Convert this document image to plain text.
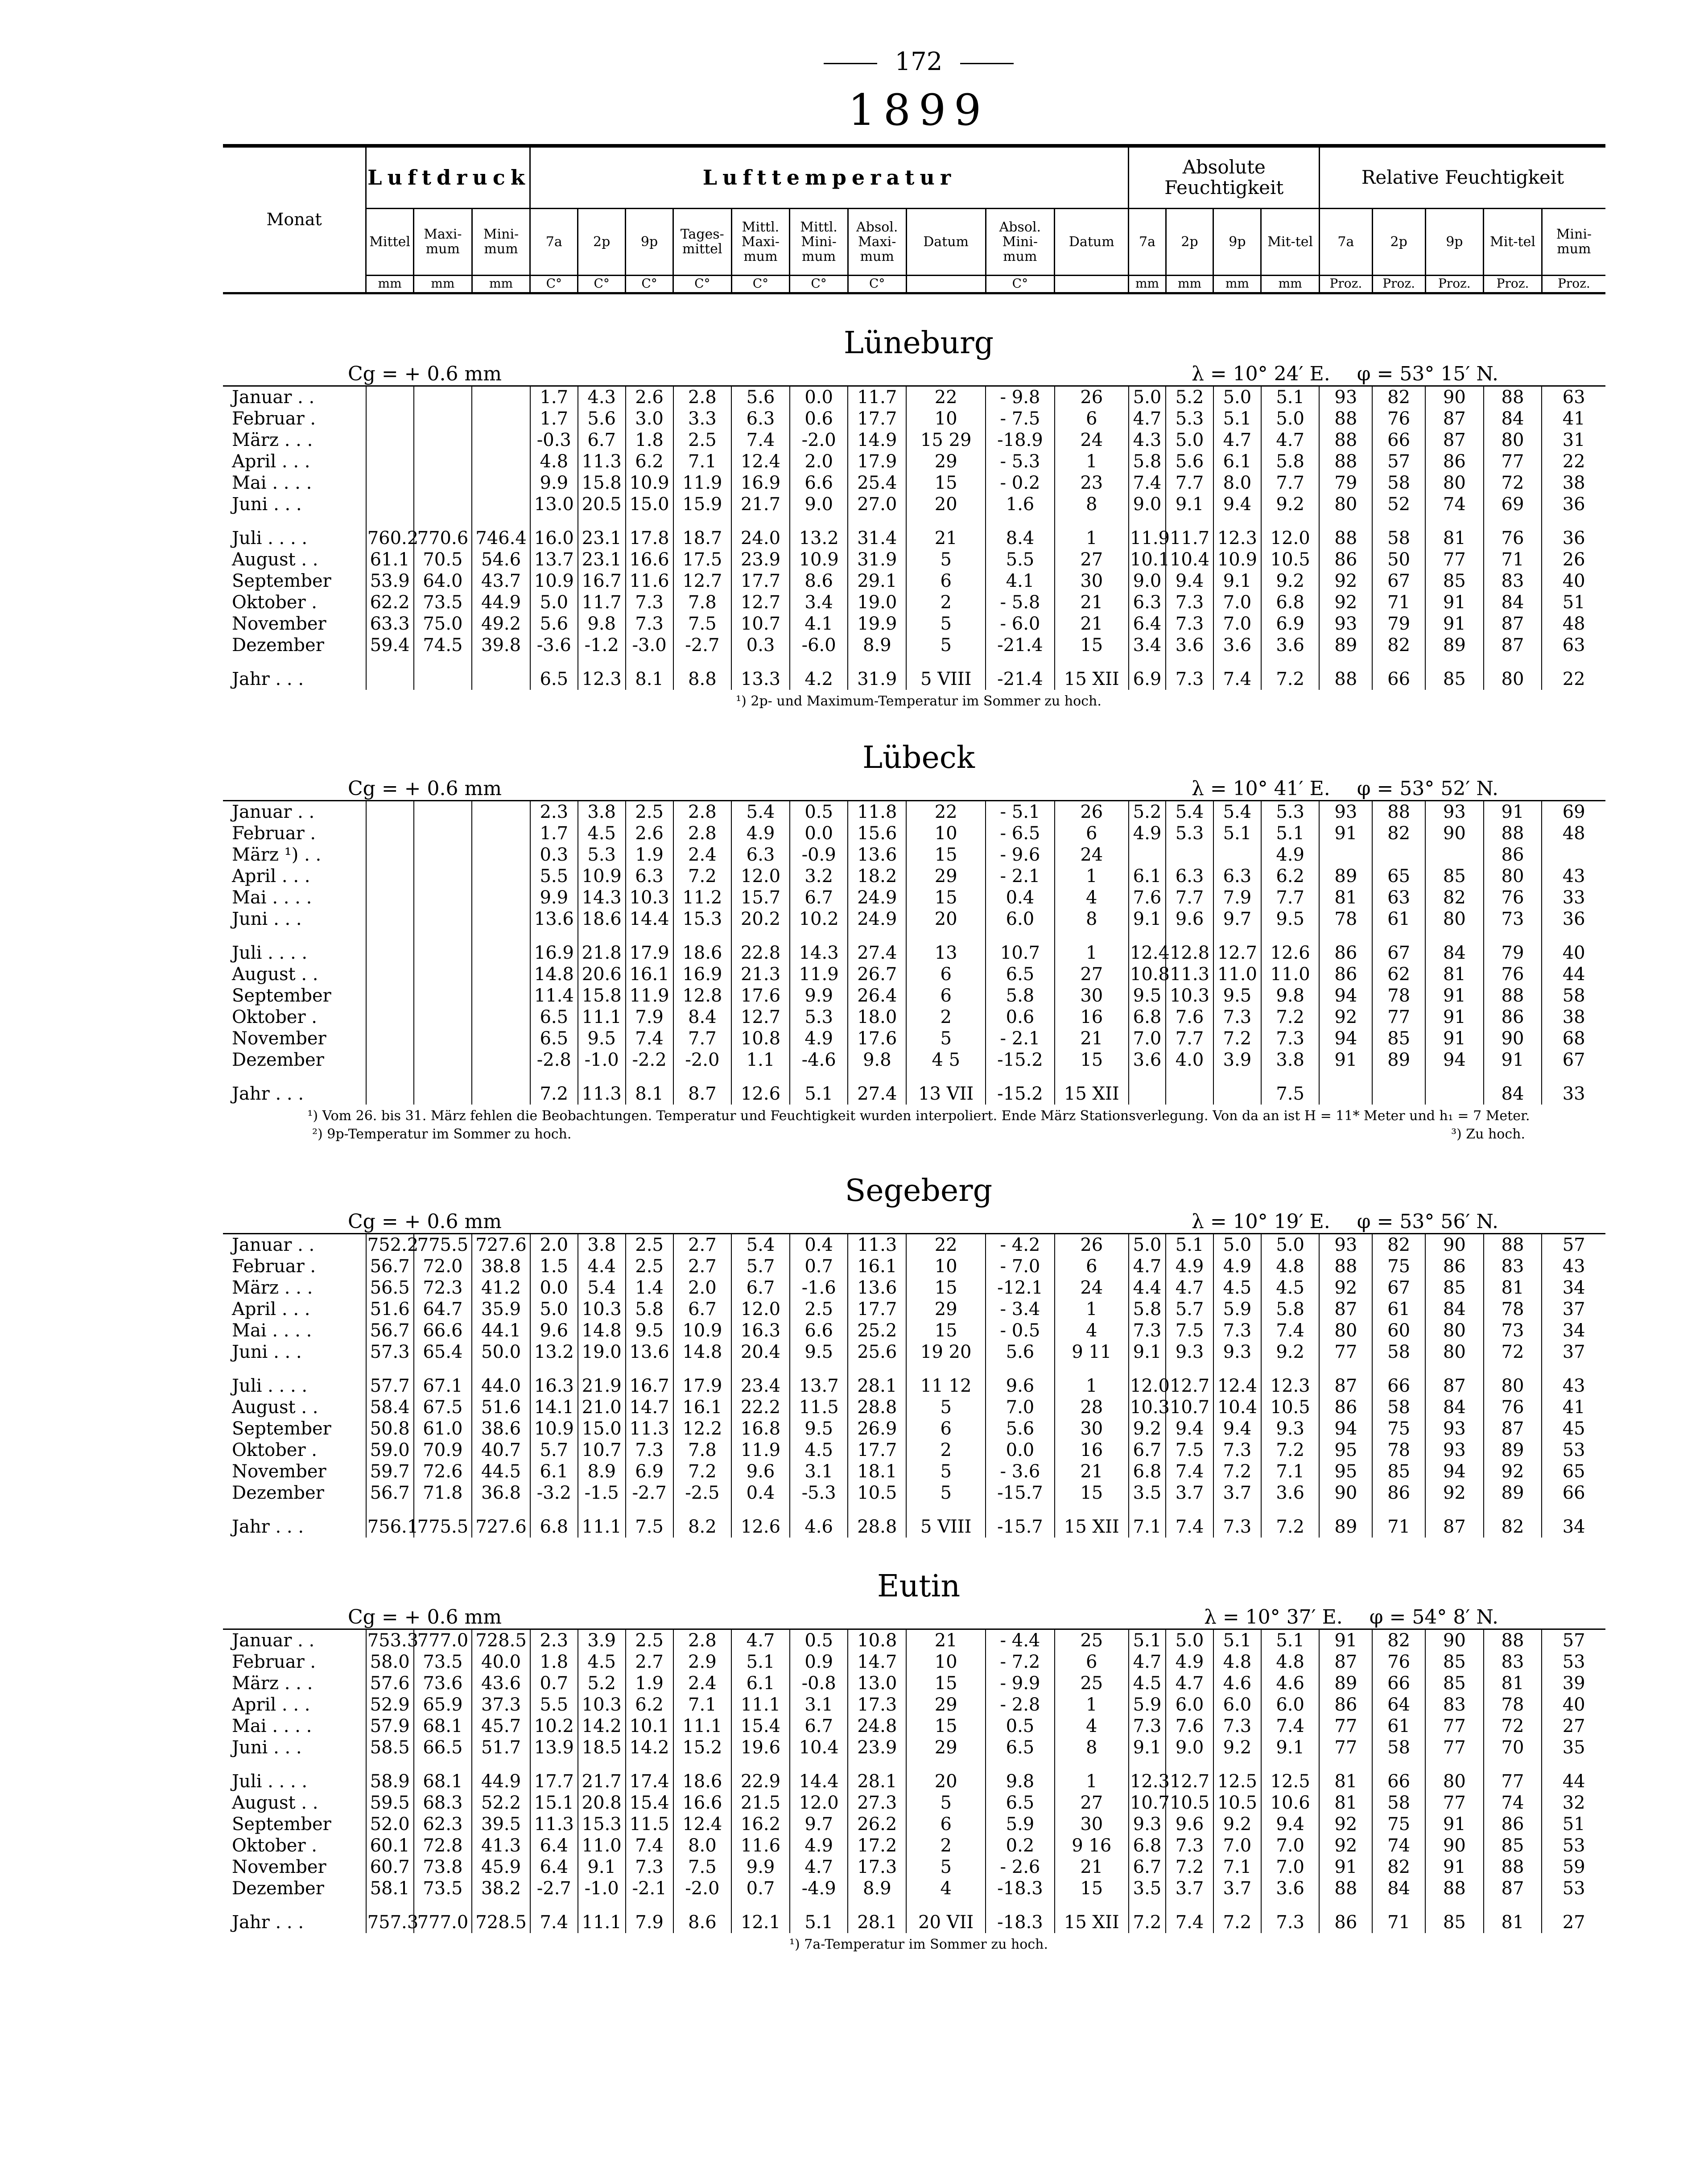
172
1899
Monat	Luftdruck			Lufttemperatur										Absolute Feuchtigkeit				Relative Feuchtigkeit				
	Mittel	Maxi-mum	Mini-mum	7a	2p	9p	Tages-mittel	Mittl. Maxi-mum	Mittl. Mini-mum	Absol. Maxi-mum	Datum	Absol. Mini-mum	Datum	7a	2p	9p	Mit-tel	7a	2p	9p	Mit-tel	Mini-mum
	mm	mm	mm	C°	C°	C°	C°	C°	C°	C°		C°		mm	mm	mm	mm	Proz.	Proz.	Proz.	Proz.	Proz.
Lüneburg
Cg = + 0.6 mm	λ = 10° 24′ E. φ = 53° 15′ N.
Januar . .				1.7	4.3	2.6	2.8	5.6	0.0	11.7	22	- 9.8	26	5.0	5.2	5.0	5.1	93	82	90	88	63
Februar .				1.7	5.6	3.0	3.3	6.3	0.6	17.7	10	- 7.5	6	4.7	5.3	5.1	5.0	88	76	87	84	41
März . . .				-0.3	6.7	1.8	2.5	7.4	-2.0	14.9	15 29	-18.9	24	4.3	5.0	4.7	4.7	88	66	87	80	31
April . . .				4.8	11.3	6.2	7.1	12.4	2.0	17.9	29	- 5.3	1	5.8	5.6	6.1	5.8	88	57	86	77	22
Mai . . . .				9.9	15.8	10.9	11.9	16.9	6.6	25.4	15	- 0.2	23	7.4	7.7	8.0	7.7	79	58	80	72	38
Juni . . .				13.0	20.5	15.0	15.9	21.7	9.0	27.0	20	1.6	8	9.0	9.1	9.4	9.2	80	52	74	69	36

Juli . . . .	760.2	770.6	746.4	16.0	23.1	17.8	18.7	24.0	13.2	31.4	21	8.4	1	11.9	11.7	12.3	12.0	88	58	81	76	36
August . .	61.1	70.5	54.6	13.7	23.1	16.6	17.5	23.9	10.9	31.9	5	5.5	27	10.1	10.4	10.9	10.5	86	50	77	71	26
September	53.9	64.0	43.7	10.9	16.7	11.6	12.7	17.7	8.6	29.1	6	4.1	30	9.0	9.4	9.1	9.2	92	67	85	83	40
Oktober .	62.2	73.5	44.9	5.0	11.7	7.3	7.8	12.7	3.4	19.0	2	- 5.8	21	6.3	7.3	7.0	6.8	92	71	91	84	51
November	63.3	75.0	49.2	5.6	9.8	7.3	7.5	10.7	4.1	19.9	5	- 6.0	21	6.4	7.3	7.0	6.9	93	79	91	87	48
Dezember	59.4	74.5	39.8	-3.6	-1.2	-3.0	-2.7	0.3	-6.0	8.9	5	-21.4	15	3.4	3.6	3.6	3.6	89	82	89	87	63

Jahr . . .				6.5	12.3	8.1	8.8	13.3	4.2	31.9	5 VIII	-21.4	15 XII	6.9	7.3	7.4	7.2	88	66	85	80	22
¹) 2p- und Maximum-Temperatur im Sommer zu hoch.
Lübeck
Cg = + 0.6 mm	λ = 10° 41′ E. φ = 53° 52′ N.
Januar . .				2.3	3.8	2.5	2.8	5.4	0.5	11.8	22	- 5.1	26	5.2	5.4	5.4	5.3	93	88	93	91	69
Februar .				1.7	4.5	2.6	2.8	4.9	0.0	15.6	10	- 6.5	6	4.9	5.3	5.1	5.1	91	82	90	88	48
März ¹) . .				0.3	5.3	1.9	2.4	6.3	-0.9	13.6	15	- 9.6	24				4.9				86	
April . . .				5.5	10.9	6.3	7.2	12.0	3.2	18.2	29	- 2.1	1	6.1	6.3	6.3	6.2	89	65	85	80	43
Mai . . . .				9.9	14.3	10.3	11.2	15.7	6.7	24.9	15	0.4	4	7.6	7.7	7.9	7.7	81	63	82	76	33
Juni . . .				13.6	18.6	14.4	15.3	20.2	10.2	24.9	20	6.0	8	9.1	9.6	9.7	9.5	78	61	80	73	36

Juli . . . .				16.9	21.8	17.9	18.6	22.8	14.3	27.4	13	10.7	1	12.4	12.8	12.7	12.6	86	67	84	79	40
August . .				14.8	20.6	16.1	16.9	21.3	11.9	26.7	6	6.5	27	10.8	11.3	11.0	11.0	86	62	81	76	44
September				11.4	15.8	11.9	12.8	17.6	9.9	26.4	6	5.8	30	9.5	10.3	9.5	9.8	94	78	91	88	58
Oktober .				6.5	11.1	7.9	8.4	12.7	5.3	18.0	2	0.6	16	6.8	7.6	7.3	7.2	92	77	91	86	38
November				6.5	9.5	7.4	7.7	10.8	4.9	17.6	5	- 2.1	21	7.0	7.7	7.2	7.3	94	85	91	90	68
Dezember				-2.8	-1.0	-2.2	-2.0	1.1	-4.6	9.8	4 5	-15.2	15	3.6	4.0	3.9	3.8	91	89	94	91	67

Jahr . . .				7.2	11.3	8.1	8.7	12.6	5.1	27.4	13 VII	-15.2	15 XII				7.5				84	33
¹) Vom 26. bis 31. März fehlen die Beobachtungen. Temperatur und Feuchtigkeit wurden interpoliert. Ende März Stationsverlegung. Von da an ist H = 11* Meter und h₁ = 7 Meter.
²) 9p-Temperatur im Sommer zu hoch.	³) Zu hoch.
Segeberg
Cg = + 0.6 mm	λ = 10° 19′ E. φ = 53° 56′ N.
Januar . .	752.2	775.5	727.6	2.0	3.8	2.5	2.7	5.4	0.4	11.3	22	- 4.2	26	5.0	5.1	5.0	5.0	93	82	90	88	57
Februar .	56.7	72.0	38.8	1.5	4.4	2.5	2.7	5.7	0.7	16.1	10	- 7.0	6	4.7	4.9	4.9	4.8	88	75	86	83	43
März . . .	56.5	72.3	41.2	0.0	5.4	1.4	2.0	6.7	-1.6	13.6	15	-12.1	24	4.4	4.7	4.5	4.5	92	67	85	81	34
April . . .	51.6	64.7	35.9	5.0	10.3	5.8	6.7	12.0	2.5	17.7	29	- 3.4	1	5.8	5.7	5.9	5.8	87	61	84	78	37
Mai . . . .	56.7	66.6	44.1	9.6	14.8	9.5	10.9	16.3	6.6	25.2	15	- 0.5	4	7.3	7.5	7.3	7.4	80	60	80	73	34
Juni . . .	57.3	65.4	50.0	13.2	19.0	13.6	14.8	20.4	9.5	25.6	19 20	5.6	9 11	9.1	9.3	9.3	9.2	77	58	80	72	37

Juli . . . .	57.7	67.1	44.0	16.3	21.9	16.7	17.9	23.4	13.7	28.1	11 12	9.6	1	12.0	12.7	12.4	12.3	87	66	87	80	43
August . .	58.4	67.5	51.6	14.1	21.0	14.7	16.1	22.2	11.5	28.8	5	7.0	28	10.3	10.7	10.4	10.5	86	58	84	76	41
September	50.8	61.0	38.6	10.9	15.0	11.3	12.2	16.8	9.5	26.9	6	5.6	30	9.2	9.4	9.4	9.3	94	75	93	87	45
Oktober .	59.0	70.9	40.7	5.7	10.7	7.3	7.8	11.9	4.5	17.7	2	0.0	16	6.7	7.5	7.3	7.2	95	78	93	89	53
November	59.7	72.6	44.5	6.1	8.9	6.9	7.2	9.6	3.1	18.1	5	- 3.6	21	6.8	7.4	7.2	7.1	95	85	94	92	65
Dezember	56.7	71.8	36.8	-3.2	-1.5	-2.7	-2.5	0.4	-5.3	10.5	5	-15.7	15	3.5	3.7	3.7	3.6	90	86	92	89	66

Jahr . . .	756.1	775.5	727.6	6.8	11.1	7.5	8.2	12.6	4.6	28.8	5 VIII	-15.7	15 XII	7.1	7.4	7.3	7.2	89	71	87	82	34
Eutin
Cg = + 0.6 mm	λ = 10° 37′ E. φ = 54° 8′ N.
Januar . .	753.3	777.0	728.5	2.3	3.9	2.5	2.8	4.7	0.5	10.8	21	- 4.4	25	5.1	5.0	5.1	5.1	91	82	90	88	57
Februar .	58.0	73.5	40.0	1.8	4.5	2.7	2.9	5.1	0.9	14.7	10	- 7.2	6	4.7	4.9	4.8	4.8	87	76	85	83	53
März . . .	57.6	73.6	43.6	0.7	5.2	1.9	2.4	6.1	-0.8	13.0	15	- 9.9	25	4.5	4.7	4.6	4.6	89	66	85	81	39
April . . .	52.9	65.9	37.3	5.5	10.3	6.2	7.1	11.1	3.1	17.3	29	- 2.8	1	5.9	6.0	6.0	6.0	86	64	83	78	40
Mai . . . .	57.9	68.1	45.7	10.2	14.2	10.1	11.1	15.4	6.7	24.8	15	0.5	4	7.3	7.6	7.3	7.4	77	61	77	72	27
Juni . . .	58.5	66.5	51.7	13.9	18.5	14.2	15.2	19.6	10.4	23.9	29	6.5	8	9.1	9.0	9.2	9.1	77	58	77	70	35

Juli . . . .	58.9	68.1	44.9	17.7	21.7	17.4	18.6	22.9	14.4	28.1	20	9.8	1	12.3	12.7	12.5	12.5	81	66	80	77	44
August . .	59.5	68.3	52.2	15.1	20.8	15.4	16.6	21.5	12.0	27.3	5	6.5	27	10.7	10.5	10.5	10.6	81	58	77	74	32
September	52.0	62.3	39.5	11.3	15.3	11.5	12.4	16.2	9.7	26.2	6	5.9	30	9.3	9.6	9.2	9.4	92	75	91	86	51
Oktober .	60.1	72.8	41.3	6.4	11.0	7.4	8.0	11.6	4.9	17.2	2	0.2	9 16	6.8	7.3	7.0	7.0	92	74	90	85	53
November	60.7	73.8	45.9	6.4	9.1	7.3	7.5	9.9	4.7	17.3	5	- 2.6	21	6.7	7.2	7.1	7.0	91	82	91	88	59
Dezember	58.1	73.5	38.2	-2.7	-1.0	-2.1	-2.0	0.7	-4.9	8.9	4	-18.3	15	3.5	3.7	3.7	3.6	88	84	88	87	53

Jahr . . .	757.3	777.0	728.5	7.4	11.1	7.9	8.6	12.1	5.1	28.1	20 VII	-18.3	15 XII	7.2	7.4	7.2	7.3	86	71	85	81	27
¹) 7a-Temperatur im Sommer zu hoch.
